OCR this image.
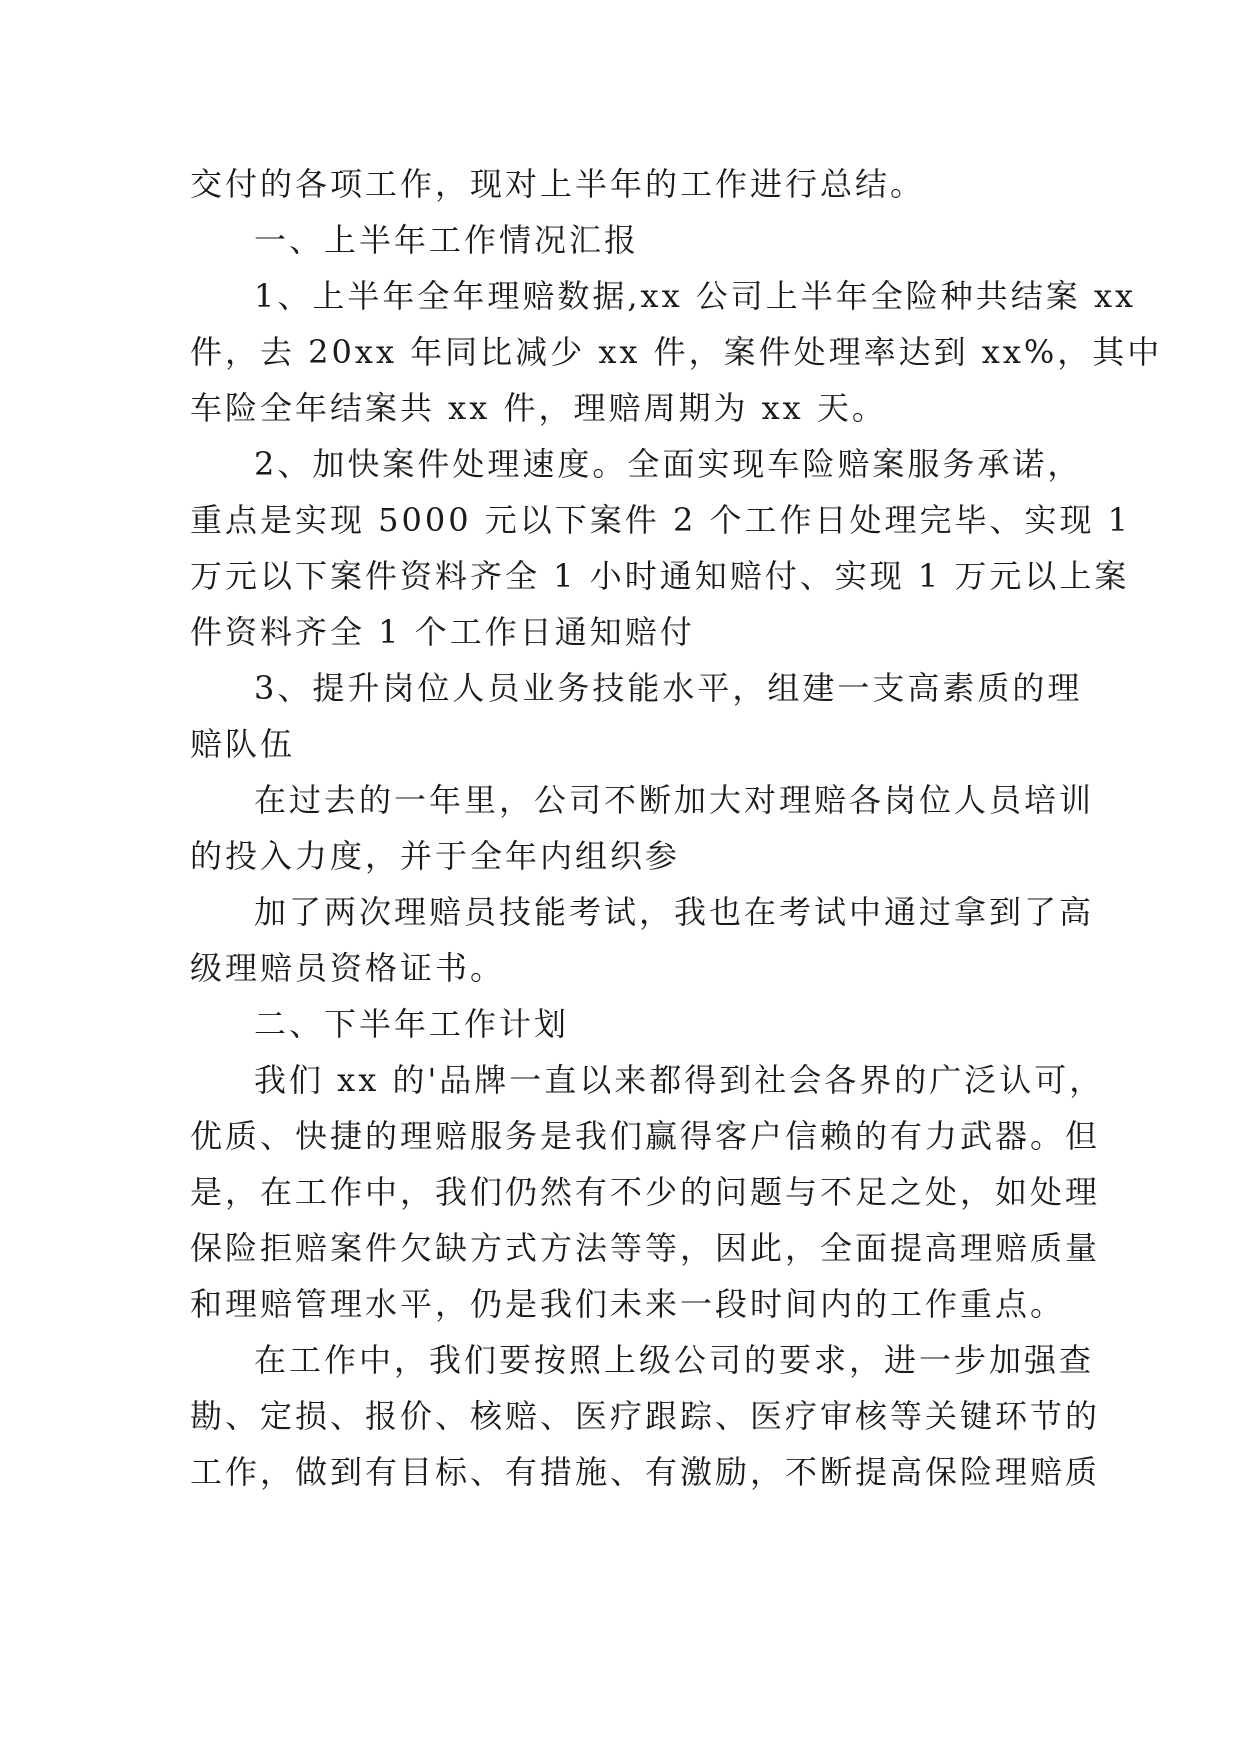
交付的各项工作，现对上半年的工作进行总结。
一、上半年工作情况汇报
1、上半年全年理赔数据,xx 公司上半年全险种共结案 xx
件，去 20xx 年同比减少 xx 件，案件处理率达到 xx%，其中
车险全年结案共 xx 件，理赔周期为 xx 天。
2、加快案件处理速度。全面实现车险赔案服务承诺，
重点是实现 5000 元以下案件 2 个工作日处理完毕、实现 1
万元以下案件资料齐全 1 小时通知赔付、实现 1 万元以上案
件资料齐全 1 个工作日通知赔付
3、提升岗位人员业务技能水平，组建一支高素质的理
赔队伍
在过去的一年里，公司不断加大对理赔各岗位人员培训
的投入力度，并于全年内组织参
加了两次理赔员技能考试，我也在考试中通过拿到了高
级理赔员资格证书。
二、下半年工作计划
我们 xx 的'品牌一直以来都得到社会各界的广泛认可，
优质、快捷的理赔服务是我们赢得客户信赖的有力武器。但
是，在工作中，我们仍然有不少的问题与不足之处，如处理
保险拒赔案件欠缺方式方法等等，因此，全面提高理赔质量
和理赔管理水平，仍是我们未来一段时间内的工作重点。
在工作中，我们要按照上级公司的要求，进一步加强查
勘、定损、报价、核赔、医疗跟踪、医疗审核等关键环节的
工作，做到有目标、有措施、有激励，不断提高保险理赔质
